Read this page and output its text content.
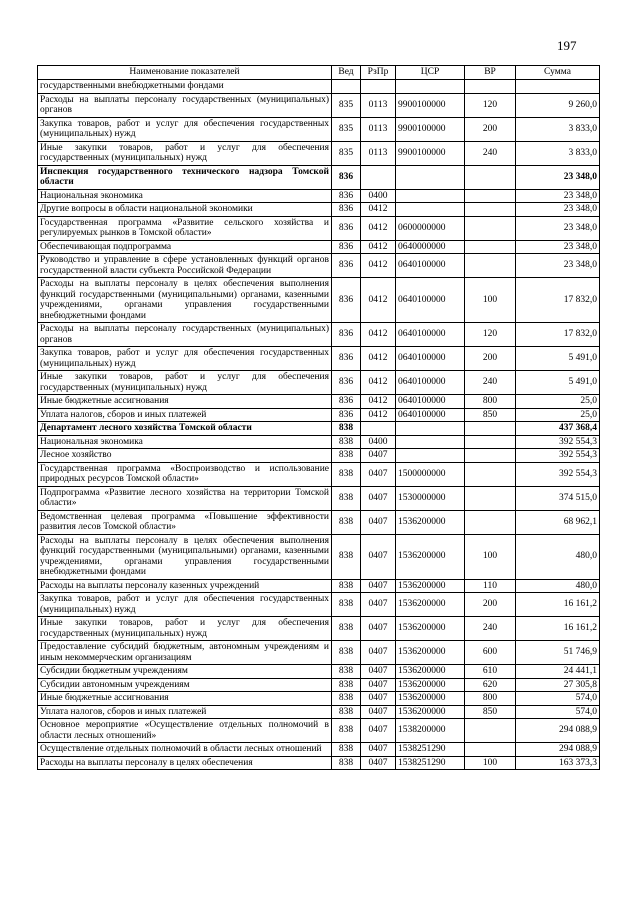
197
Наименование показателей	Вед	РзПр	ЦСР	ВР	Сумма
государственными внебюджетными фондами					
Расходы на выплаты персоналу государственных (муниципальных) органов	835	0113	9900100000	120	9 260,0
Закупка товаров, работ и услуг для обеспечения государственных (муниципальных) нужд	835	0113	9900100000	200	3 833,0
Иные закупки товаров, работ и услуг для обеспечения государственных (муниципальных) нужд	835	0113	9900100000	240	3 833,0
Инспекция государственного технического надзора Томской области	836				23 348,0
Национальная экономика	836	0400			23 348,0
Другие вопросы в области национальной экономики	836	0412			23 348,0
Государственная программа «Развитие сельского хозяйства и регулируемых рынков в Томской области»	836	0412	0600000000		23 348,0
Обеспечивающая подпрограмма	836	0412	0640000000		23 348,0
Руководство и управление в сфере установленных функций органов государственной власти субъекта Российской Федерации	836	0412	0640100000		23 348,0
Расходы на выплаты персоналу в целях обеспечения выполнения функций государственными (муниципальными) органами, казенными учреждениями, органами управления государственными внебюджетными фондами	836	0412	0640100000	100	17 832,0
Расходы на выплаты персоналу государственных (муниципальных) органов	836	0412	0640100000	120	17 832,0
Закупка товаров, работ и услуг для обеспечения государственных (муниципальных) нужд	836	0412	0640100000	200	5 491,0
Иные закупки товаров, работ и услуг для обеспечения государственных (муниципальных) нужд	836	0412	0640100000	240	5 491,0
Иные бюджетные ассигнования	836	0412	0640100000	800	25,0
Уплата налогов, сборов и иных платежей	836	0412	0640100000	850	25,0
Департамент лесного хозяйства Томской области	838				437 368,4
Национальная экономика	838	0400			392 554,3
Лесное хозяйство	838	0407			392 554,3
Государственная программа «Воспроизводство и использование природных ресурсов Томской области»	838	0407	1500000000		392 554,3
Подпрограмма «Развитие лесного хозяйства на территории Томской области»	838	0407	1530000000		374 515,0
Ведомственная целевая программа «Повышение эффективности развития лесов Томской области»	838	0407	1536200000		68 962,1
Расходы на выплаты персоналу в целях обеспечения выполнения функций государственными (муниципальными) органами, казенными учреждениями, органами управления государственными внебюджетными фондами	838	0407	1536200000	100	480,0
Расходы на выплаты персоналу казенных учреждений	838	0407	1536200000	110	480,0
Закупка товаров, работ и услуг для обеспечения государственных (муниципальных) нужд	838	0407	1536200000	200	16 161,2
Иные закупки товаров, работ и услуг для обеспечения государственных (муниципальных) нужд	838	0407	1536200000	240	16 161,2
Предоставление субсидий бюджетным, автономным учреждениям и иным некоммерческим организациям	838	0407	1536200000	600	51 746,9
Субсидии бюджетным учреждениям	838	0407	1536200000	610	24 441,1
Субсидии автономным учреждениям	838	0407	1536200000	620	27 305,8
Иные бюджетные ассигнования	838	0407	1536200000	800	574,0
Уплата налогов, сборов и иных платежей	838	0407	1536200000	850	574,0
Основное мероприятие «Осуществление отдельных полномочий в области лесных отношений»	838	0407	1538200000		294 088,9
Осуществление отдельных полномочий в области лесных отношений	838	0407	1538251290		294 088,9
Расходы на выплаты персоналу в целях обеспечения	838	0407	1538251290	100	163 373,3
